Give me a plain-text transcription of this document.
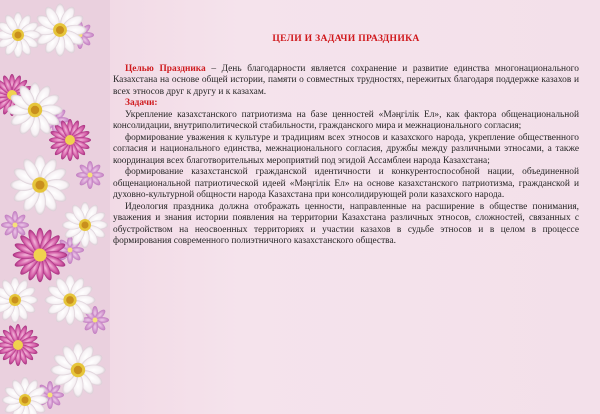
ЦЕЛИ И ЗАДАЧИ ПРАЗДНИКА

Целью Праздника – День благодарности является сохранение и развитие единства многонационального Казахстана на основе общей истории, памяти о совместных трудностях, пережитых благодаря поддержке казахов и всех этносов друг к другу и к казахам.

Задачи:

Укрепление казахстанского патриотизма на базе ценностей «Мәңгілік Ел», как фактора общенациональной консолидации, внутриполитической стабильности, гражданского мира и межнационального согласия;

формирование уважения к культуре и традициям всех этносов и казахского народа, укрепление общественного согласия и национального единства, межнационального согласия, дружбы между различными этносами, а также координация всех благотворительных мероприятий под эгидой Ассамблеи народа Казахстана;

формирование казахстанской гражданской идентичности и конкурентоспособной нации, объединенной общенациональной патриотической идеей «Мәңгілік Ел» на основе казахстанского патриотизма, гражданской и духовно-культурной общности народа Казахстана при консолидирующей роли казахского народа.

Идеология праздника должна отображать ценности, направленные на расширение в обществе понимания, уважения и знания истории появления на территории Казахстана различных этносов, сложностей, связанных с обустройством на неосвоенных территориях и участии казахов в судьбе этносов и в целом в процессе формирования современного полиэтничного казахстанского общества.
